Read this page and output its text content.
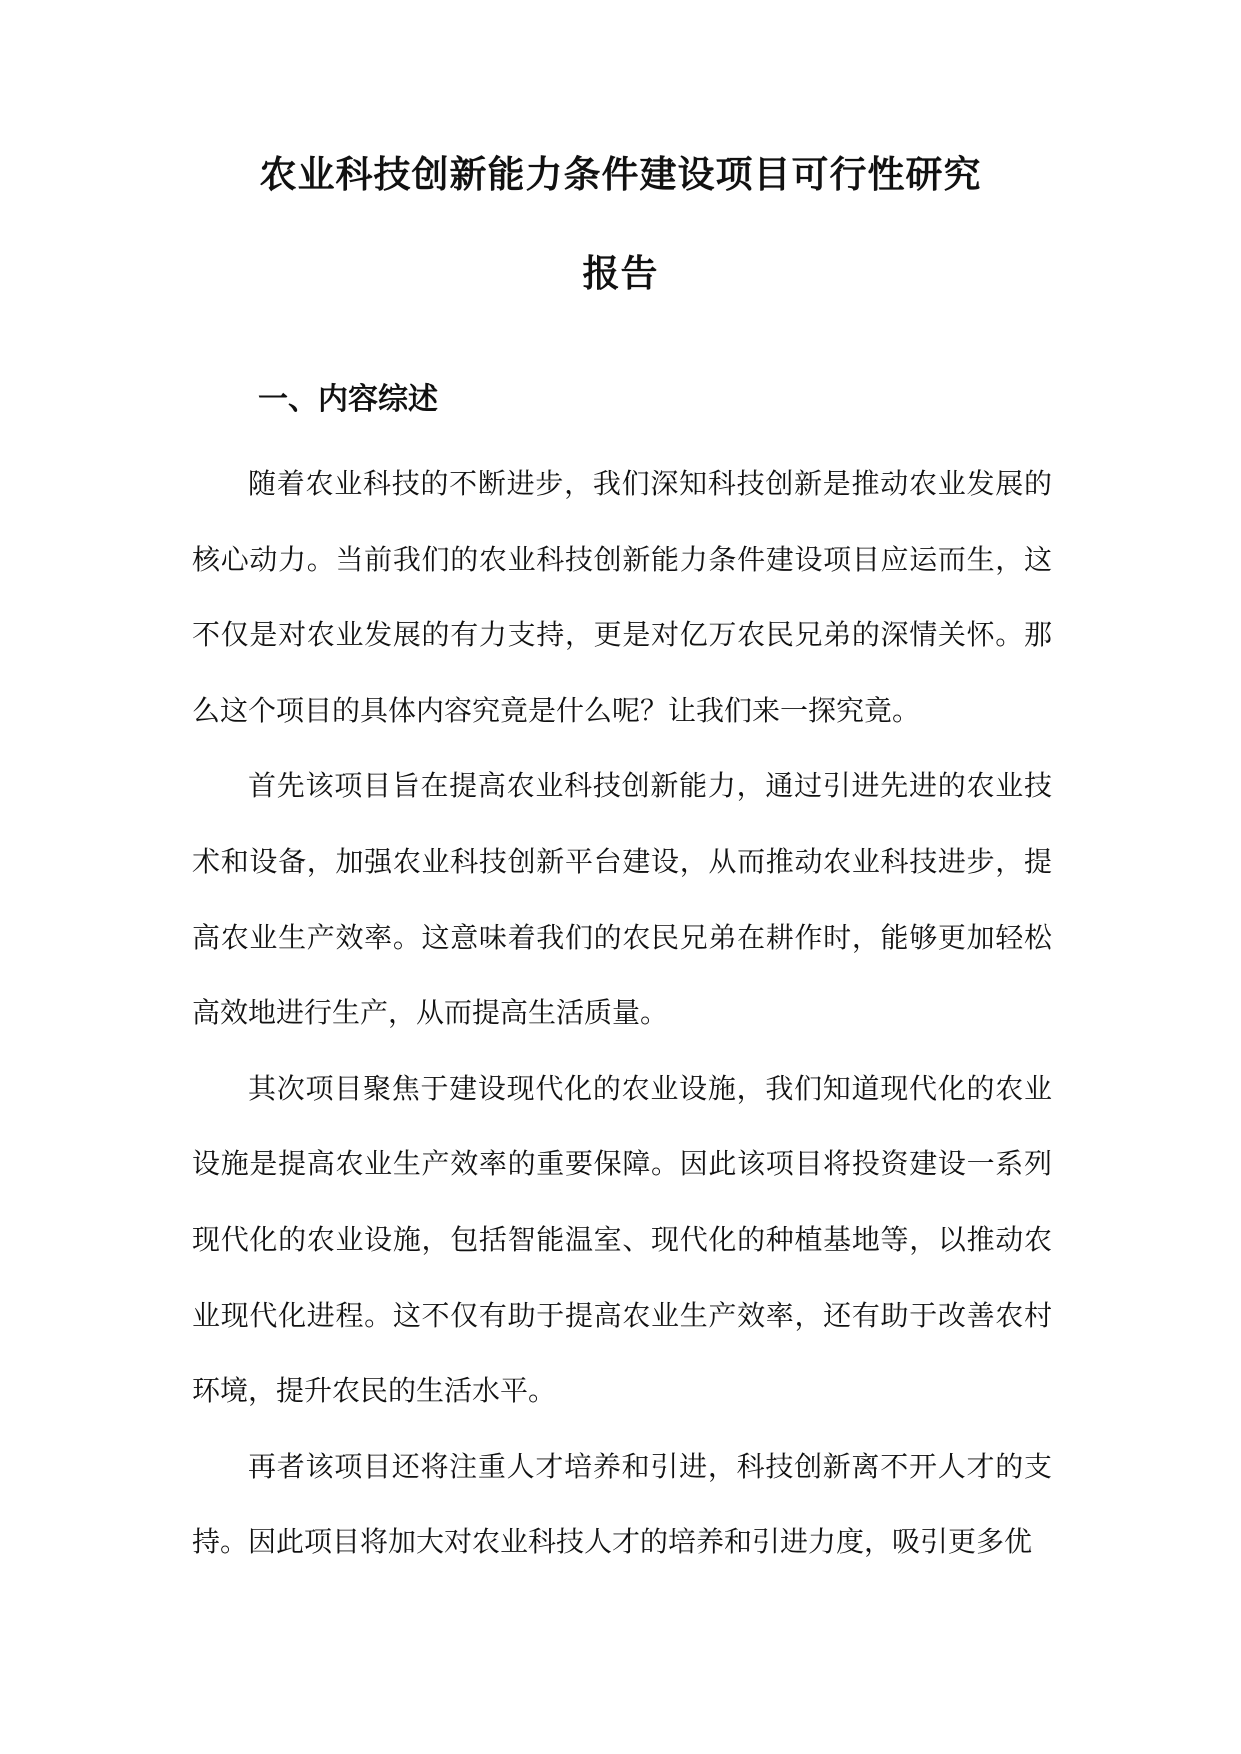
农业科技创新能力条件建设项目可行性研究
报告
一、内容综述

随着农业科技的不断进步，我们深知科技创新是推动农业发展的核心动力。当前我们的农业科技创新能力条件建设项目应运而生，这不仅是对农业发展的有力支持，更是对亿万农民兄弟的深情关怀。那么这个项目的具体内容究竟是什么呢？让我们来一探究竟。

首先该项目旨在提高农业科技创新能力，通过引进先进的农业技术和设备，加强农业科技创新平台建设，从而推动农业科技进步，提高农业生产效率。这意味着我们的农民兄弟在耕作时，能够更加轻松高效地进行生产，从而提高生活质量。

其次项目聚焦于建设现代化的农业设施，我们知道现代化的农业设施是提高农业生产效率的重要保障。因此该项目将投资建设一系列现代化的农业设施，包括智能温室、现代化的种植基地等，以推动农业现代化进程。这不仅有助于提高农业生产效率，还有助于改善农村环境，提升农民的生活水平。

再者该项目还将注重人才培养和引进，科技创新离不开人才的支持。因此项目将加大对农业科技人才的培养和引进力度，吸引更多优
